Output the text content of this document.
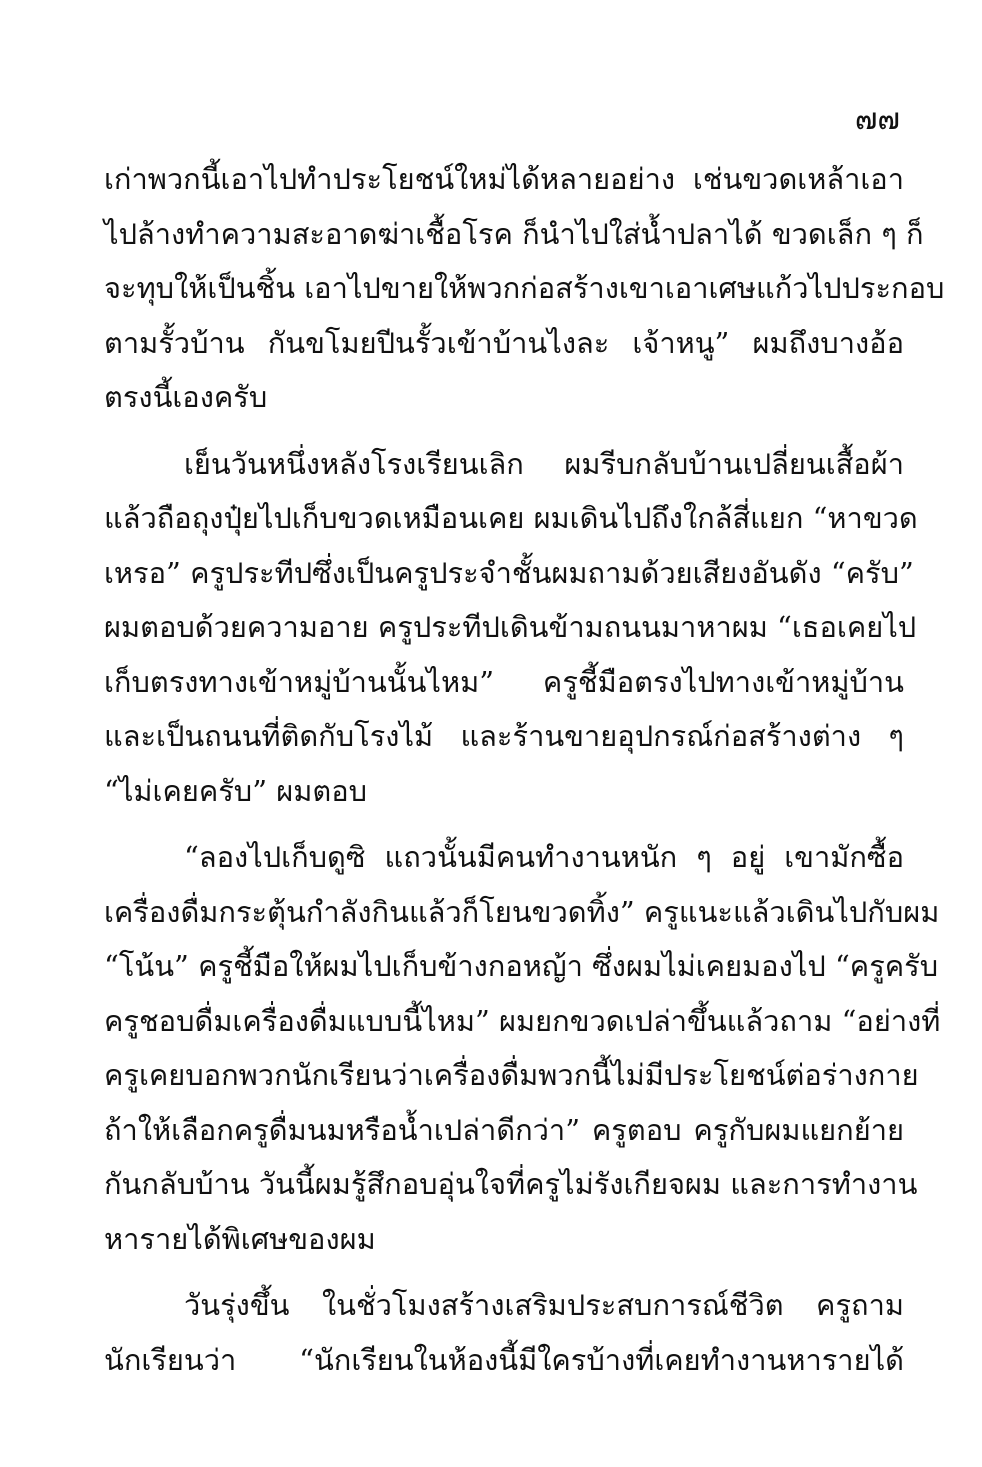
๗๗
เก่าพวกนี้เอาไปทำประโยชน์ใหม่ได้หลายอย่าง เช่นขวดเหล้าเอา
ไปล้างทำความสะอาดฆ่าเชื้อโรค ก็นำไปใส่น้ำปลาได้ ขวดเล็ก ๆ ก็
จะทุบให้เป็นชิ้น เอาไปขายให้พวกก่อสร้างเขาเอาเศษแก้วไปประกอบ
ตามรั้วบ้าน กันขโมยปีนรั้วเข้าบ้านไงละ เจ้าหนู” ผมถึงบางอ้อ
ตรงนี้เองครับ
เย็นวันหนึ่งหลังโรงเรียนเลิก ผมรีบกลับบ้านเปลี่ยนเสื้อผ้า
แล้วถือถุงปุ๋ยไปเก็บขวดเหมือนเคย ผมเดินไปถึงใกล้สี่แยก “หาขวด
เหรอ” ครูประทีปซึ่งเป็นครูประจำชั้นผมถามด้วยเสียงอันดัง “ครับ”
ผมตอบด้วยความอาย ครูประทีปเดินข้ามถนนมาหาผม “เธอเคยไป
เก็บตรงทางเข้าหมู่บ้านนั้นไหม” ครูชี้มือตรงไปทางเข้าหมู่บ้าน
และเป็นถนนที่ติดกับโรงไม้ และร้านขายอุปกรณ์ก่อสร้างต่าง ๆ
“ไม่เคยครับ” ผมตอบ
“ลองไปเก็บดูซิ แถวนั้นมีคนทำงานหนัก ๆ อยู่ เขามักซื้อ
เครื่องดื่มกระตุ้นกำลังกินแล้วก็โยนขวดทิ้ง” ครูแนะแล้วเดินไปกับผม
“โน้น” ครูชี้มือให้ผมไปเก็บข้างกอหญ้า ซึ่งผมไม่เคยมองไป “ครูครับ
ครูชอบดื่มเครื่องดื่มแบบนี้ไหม” ผมยกขวดเปล่าขึ้นแล้วถาม “อย่างที่
ครูเคยบอกพวกนักเรียนว่าเครื่องดื่มพวกนี้ไม่มีประโยชน์ต่อร่างกาย
ถ้าให้เลือกครูดื่มนมหรือน้ำเปล่าดีกว่า” ครูตอบ ครูกับผมแยกย้าย
กันกลับบ้าน วันนี้ผมรู้สึกอบอุ่นใจที่ครูไม่รังเกียจผม และการทำงาน
หารายได้พิเศษของผม
วันรุ่งขึ้น ในชั่วโมงสร้างเสริมประสบการณ์ชีวิต ครูถาม
นักเรียนว่า “นักเรียนในห้องนี้มีใครบ้างที่เคยทำงานหารายได้
